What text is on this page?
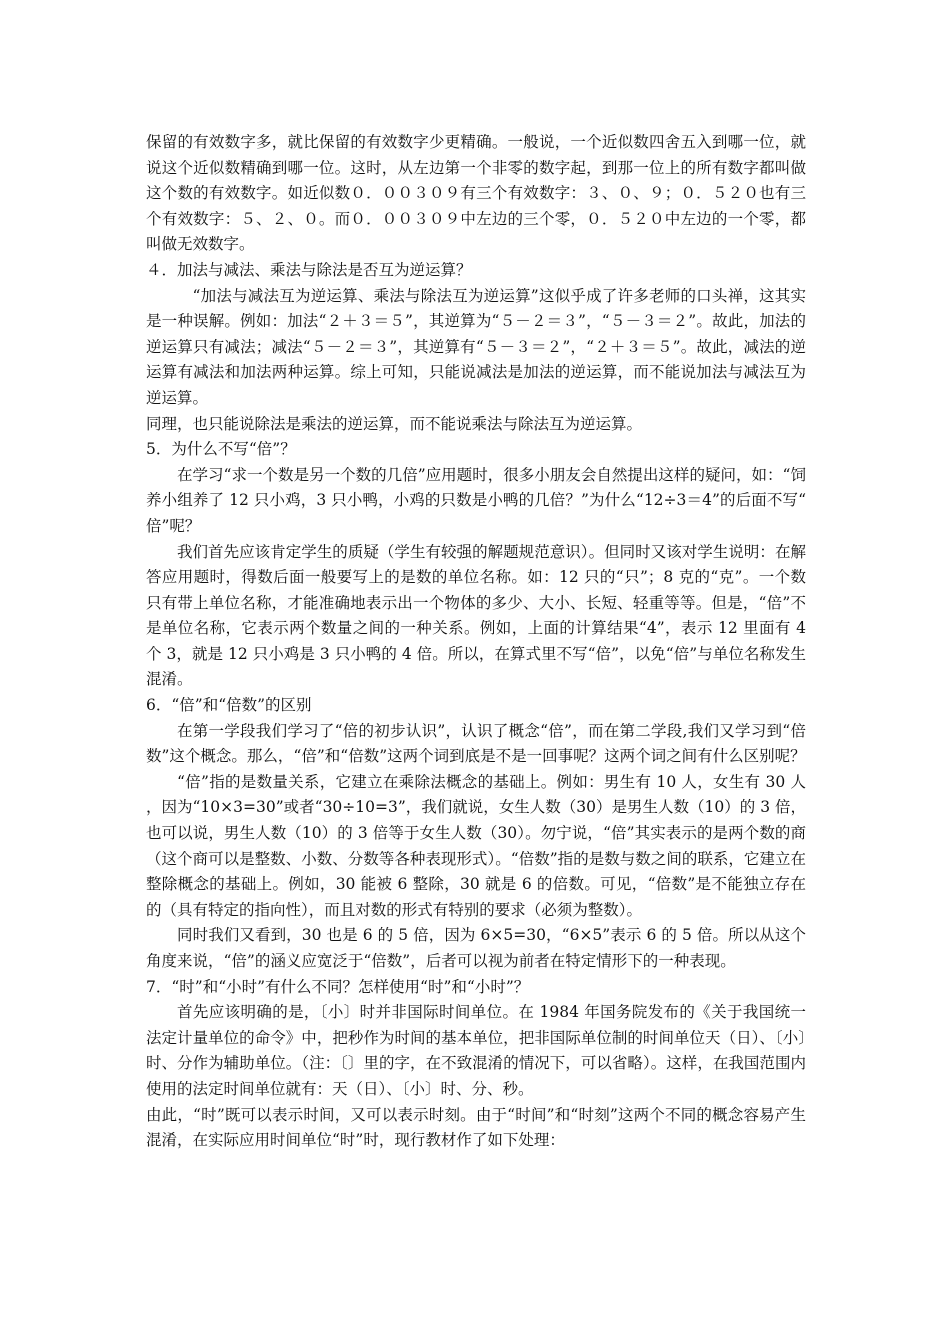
保留的有效数字多，就比保留的有效数字少更精确。一般说，一个近似数四舍五入到哪一位，就说这个近似数精确到哪一位。这时，从左边第一个非零的数字起，到那一位上的所有数字都叫做这个数的有效数字。如近似数０．００３０９有三个有效数字：３、０、９；０．５２０也有三个有效数字：５、２、０。而０．００３０９中左边的三个零，０．５２０中左边的一个零，都叫做无效数字。

４．加法与减法、乘法与除法是否互为逆运算？

“加法与减法互为逆运算、乘法与除法互为逆运算”这似乎成了许多老师的口头禅，这其实是一种误解。例如：加法“２＋３＝５”，其逆算为“５－２＝３”，“５－３＝２”。故此，加法的逆运算只有减法；减法“５－２＝３”，其逆算有“５－３＝２”，“２＋３＝５”。故此，减法的逆运算有减法和加法两种运算。综上可知，只能说减法是加法的逆运算，而不能说加法与减法互为逆运算。

同理，也只能说除法是乘法的逆运算，而不能说乘法与除法互为逆运算。

5．为什么不写“倍”？

在学习“求一个数是另一个数的几倍”应用题时，很多小朋友会自然提出这样的疑问，如：“饲养小组养了 12 只小鸡，3 只小鸭，小鸡的只数是小鸭的几倍？”为什么“12÷3＝4”的后面不写“倍”呢？

我们首先应该肯定学生的质疑（学生有较强的解题规范意识）。但同时又该对学生说明：在解答应用题时，得数后面一般要写上的是数的单位名称。如：12 只的“只”；8 克的“克”。一个数只有带上单位名称，才能准确地表示出一个物体的多少、大小、长短、轻重等等。但是，“倍”不是单位名称，它表示两个数量之间的一种关系。例如，上面的计算结果“4”，表示 12 里面有 4 个 3，就是 12 只小鸡是 3 只小鸭的 4 倍。所以，在算式里不写“倍”，以免“倍”与单位名称发生混淆。

6．“倍”和“倍数”的区别

在第一学段我们学习了“倍的初步认识”，认识了概念“倍”，而在第二学段,我们又学习到“倍数”这个概念。那么，“倍”和“倍数”这两个词到底是不是一回事呢？这两个词之间有什么区别呢？

“倍”指的是数量关系，它建立在乘除法概念的基础上。例如：男生有 10 人，女生有 30 人，因为“10×3=30”或者“30÷10=3”，我们就说，女生人数（30）是男生人数（10）的 3 倍，也可以说，男生人数（10）的 3 倍等于女生人数（30）。勿宁说，“倍”其实表示的是两个数的商（这个商可以是整数、小数、分数等各种表现形式）。“倍数”指的是数与数之间的联系，它建立在整除概念的基础上。例如，30 能被 6 整除，30 就是 6 的倍数。可见，“倍数”是不能独立存在的（具有特定的指向性），而且对数的形式有特别的要求（必须为整数）。

同时我们又看到，30 也是 6 的 5 倍，因为 6×5=30，“6×5”表示 6 的 5 倍。所以从这个角度来说，“倍”的涵义应宽泛于“倍数”，后者可以视为前者在特定情形下的一种表现。

7．“时”和“小时”有什么不同？怎样使用“时”和“小时”？

首先应该明确的是，〔小〕时并非国际时间单位。在 1984 年国务院发布的《关于我国统一法定计量单位的命令》中，把秒作为时间的基本单位，把非国际单位制的时间单位天（日）、〔小〕时、分作为辅助单位。（注：〔〕里的字，在不致混淆的情况下，可以省略）。这样，在我国范围内使用的法定时间单位就有：天（日）、〔小〕时、分、秒。

由此，“时”既可以表示时间，又可以表示时刻。由于“时间”和“时刻”这两个不同的概念容易产生混淆，在实际应用时间单位“时”时，现行教材作了如下处理：
